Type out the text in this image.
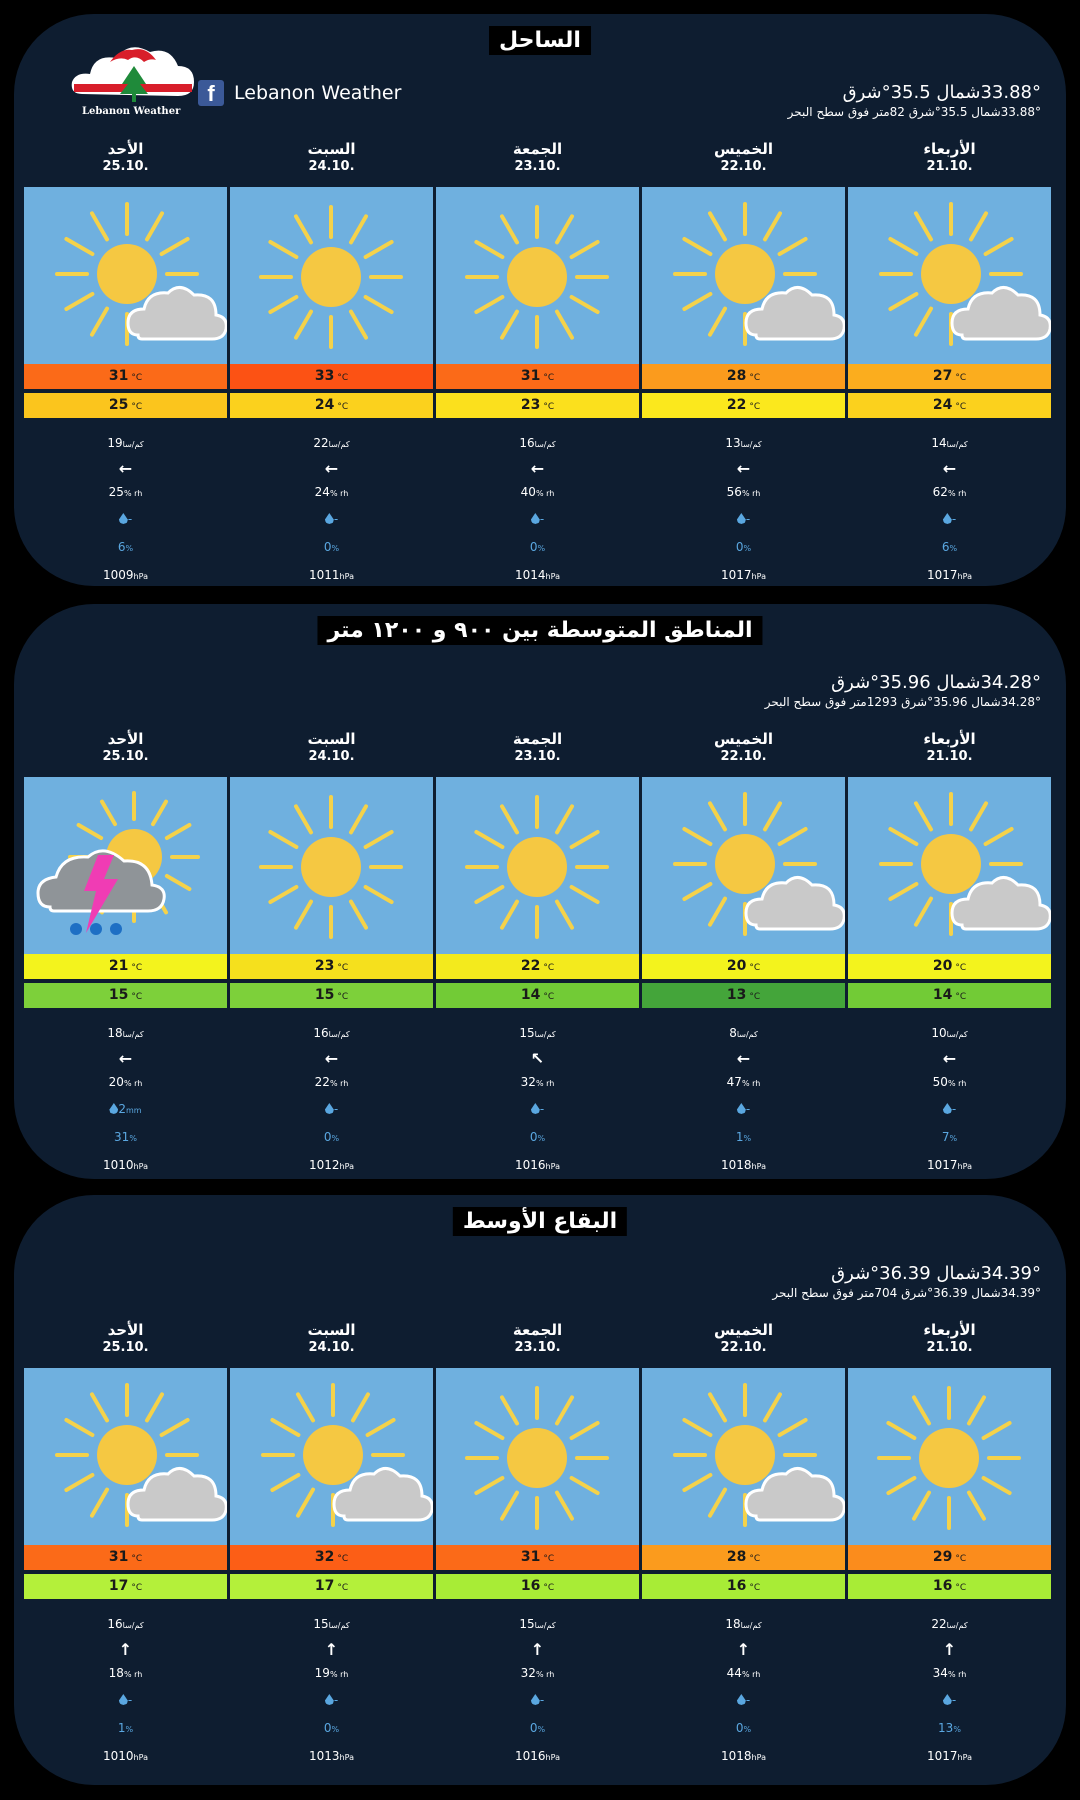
الساحل
Lebanon Weather
f	Lebanon Weather	33.88°شمال 35.5°شرق
33.88°شمال 35.5°شرق 82متر فوق سطح البحر
الأحد
25.10.
31 °C
25 °C
19كم/سا
←
25% rh
-
6%
1009hPa
السبت
24.10.
33 °C
24 °C
22كم/سا
←
24% rh
-
0%
1011hPa
الجمعة
23.10.
31 °C
23 °C
16كم/سا
←
40% rh
-
0%
1014hPa
الخميس
22.10.
28 °C
22 °C
13كم/سا
←
56% rh
-
0%
1017hPa
الأربعاء
21.10.
27 °C
24 °C
14كم/سا
←
62% rh
-
6%
1017hPa
المناطق المتوسطة بين ٩٠٠ و ١٢٠٠ متر
34.28°شمال 35.96°شرق
34.28°شمال 35.96°شرق 1293متر فوق سطح البحر
الأحد
25.10.
21 °C
15 °C
18كم/سا
←
20% rh
2mm
31%
1010hPa
السبت
24.10.
23 °C
15 °C
16كم/سا
←
22% rh
-
0%
1012hPa
الجمعة
23.10.
22 °C
14 °C
15كم/سا
↖
32% rh
-
0%
1016hPa
الخميس
22.10.
20 °C
13 °C
8كم/سا
←
47% rh
-
1%
1018hPa
الأربعاء
21.10.
20 °C
14 °C
10كم/سا
←
50% rh
-
7%
1017hPa
البقاع الأوسط
34.39°شمال 36.39°شرق
34.39°شمال 36.39°شرق 704متر فوق سطح البحر
الأحد
25.10.
31 °C
17 °C
16كم/سا
↑
18% rh
-
1%
1010hPa
السبت
24.10.
32 °C
17 °C
15كم/سا
↑
19% rh
-
0%
1013hPa
الجمعة
23.10.
31 °C
16 °C
15كم/سا
↑
32% rh
-
0%
1016hPa
الخميس
22.10.
28 °C
16 °C
18كم/سا
↑
44% rh
-
0%
1018hPa
الأربعاء
21.10.
29 °C
16 °C
22كم/سا
↑
34% rh
-
13%
1017hPa
